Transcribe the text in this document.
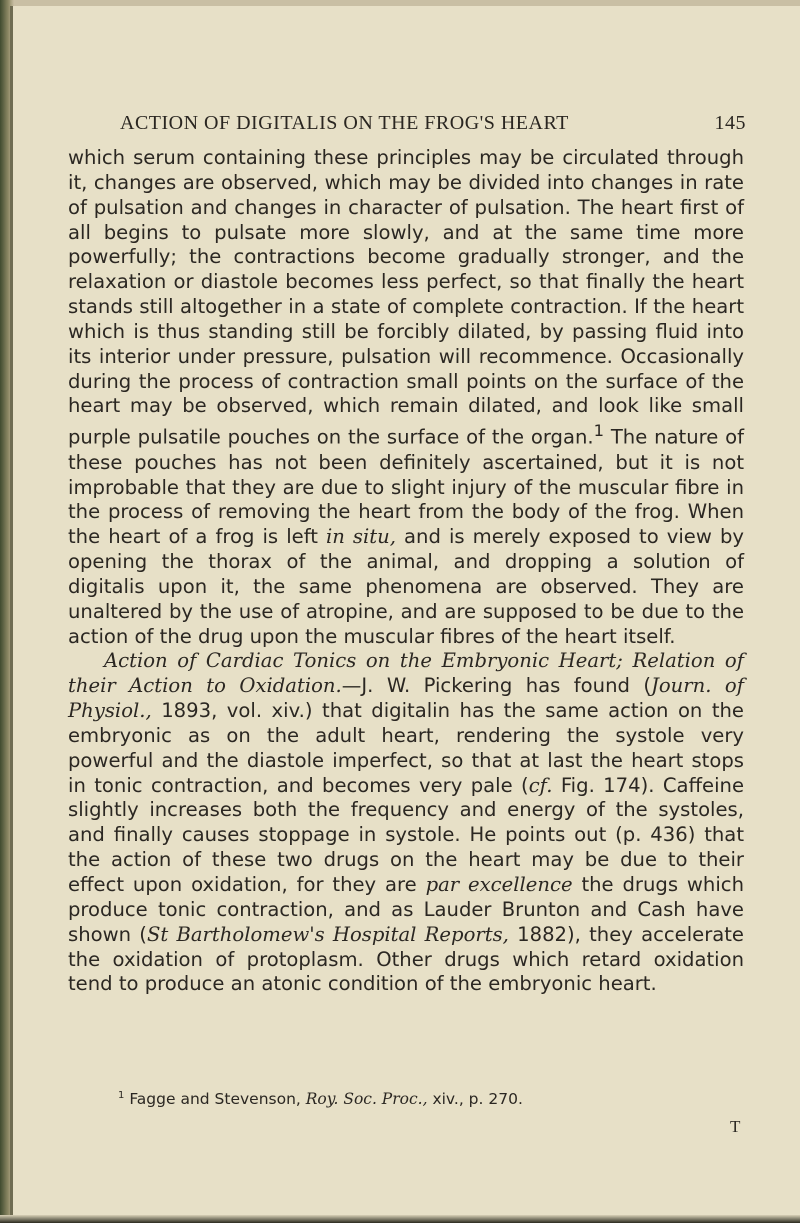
ACTION OF DIGITALIS ON THE FROG'S HEART	145

which serum containing these principles may be circulated through it, changes are observed, which may be divided into changes in rate of pulsation and changes in character of pulsation. The heart first of all begins to pulsate more slowly, and at the same time more powerfully; the contractions become gradually stronger, and the relaxation or diastole becomes less perfect, so that finally the heart stands still altogether in a state of complete contraction. If the heart which is thus standing still be forcibly dilated, by passing fluid into its interior under pressure, pulsation will recommence. Occasionally during the process of contraction small points on the surface of the heart may be observed, which remain dilated, and look like small purple pulsatile pouches on the surface of the organ.$^1$ The nature of these pouches has not been definitely ascertained, but it is not improbable that they are due to slight injury of the muscular fibre in the process of removing the heart from the body of the frog. When the heart of a frog is left in situ, and is merely exposed to view by opening the thorax of the animal, and dropping a solution of digitalis upon it, the same phenomena are observed. They are unaltered by the use of atropine, and are supposed to be due to the action of the drug upon the muscular fibres of the heart itself.

Action of Cardiac Tonics on the Embryonic Heart; Relation of their Action to Oxidation.—J. W. Pickering has found (Journ. of Physiol., 1893, vol. xiv.) that digitalin has the same action on the embryonic as on the adult heart, rendering the systole very powerful and the diastole imperfect, so that at last the heart stops in tonic contraction, and becomes very pale (cf. Fig. 174). Caffeine slightly increases both the frequency and energy of the systoles, and finally causes stoppage in systole. He points out (p. 436) that the action of these two drugs on the heart may be due to their effect upon oxidation, for they are par excellence the drugs which produce tonic contraction, and as Lauder Brunton and Cash have shown (St Bartholomew's Hospital Reports, 1882), they accelerate the oxidation of protoplasm. Other drugs which retard oxidation tend to produce an atonic condition of the embryonic heart.

$^1$ Fagge and Stevenson, Roy. Soc. Proc., xiv., p. 270.
T
